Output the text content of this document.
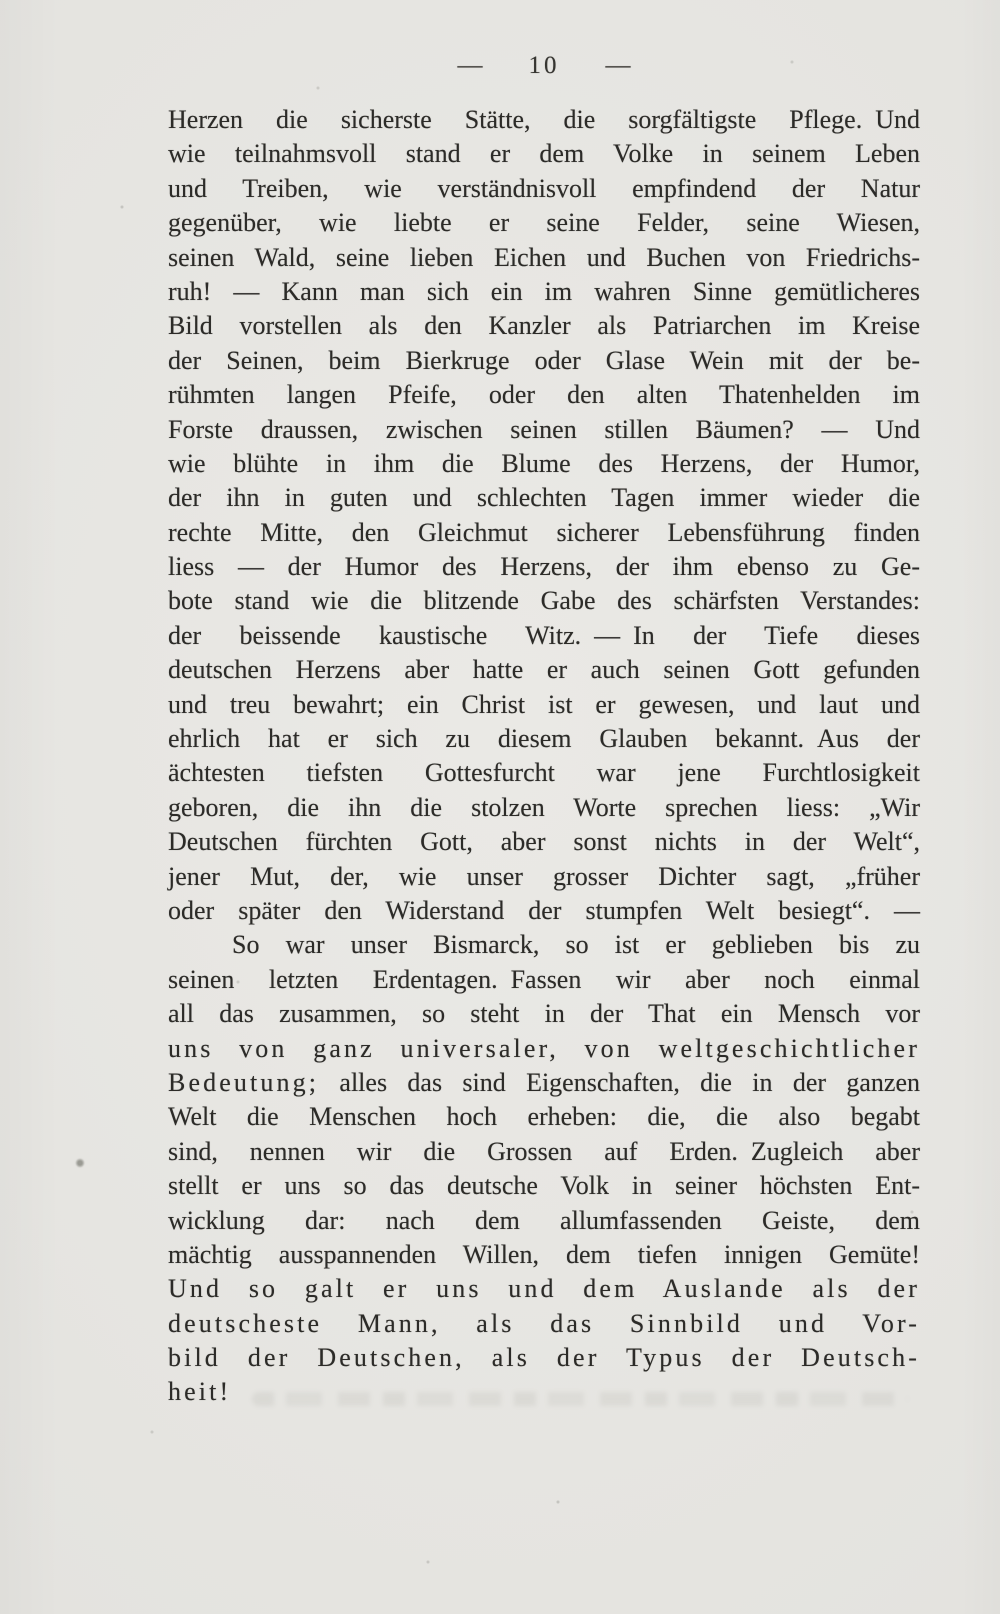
— 10 —
Herzen die sicherste Stätte, die sorgfältigste Pflege. Und
wie teilnahmsvoll stand er dem Volke in seinem Leben
und Treiben, wie verständnisvoll empfindend der Natur
gegenüber, wie liebte er seine Felder, seine Wiesen,
seinen Wald, seine lieben Eichen und Buchen von Friedrichs-
ruh! — Kann man sich ein im wahren Sinne gemütlicheres
Bild vorstellen als den Kanzler als Patriarchen im Kreise
der Seinen, beim Bierkruge oder Glase Wein mit der be-
rühmten langen Pfeife, oder den alten Thatenhelden im
Forste draussen, zwischen seinen stillen Bäumen? — Und
wie blühte in ihm die Blume des Herzens, der Humor,
der ihn in guten und schlechten Tagen immer wieder die
rechte Mitte, den Gleichmut sicherer Lebensführung finden
liess — der Humor des Herzens, der ihm ebenso zu Ge-
bote stand wie die blitzende Gabe des schärfsten Verstandes:
der beissende kaustische Witz. — In der Tiefe dieses
deutschen Herzens aber hatte er auch seinen Gott gefunden
und treu bewahrt; ein Christ ist er gewesen, und laut und
ehrlich hat er sich zu diesem Glauben bekannt. Aus der
ächtesten tiefsten Gottesfurcht war jene Furchtlosigkeit
geboren, die ihn die stolzen Worte sprechen liess: „Wir
Deutschen fürchten Gott, aber sonst nichts in der Welt“,
jener Mut, der, wie unser grosser Dichter sagt, „früher
oder später den Widerstand der stumpfen Welt besiegt“. —
So war unser Bismarck, so ist er geblieben bis zu
seinen letzten Erdentagen. Fassen wir aber noch einmal
all das zusammen, so steht in der That ein Mensch vor
uns von ganz universaler, von weltgeschichtlicher
Bedeutung; alles das sind Eigenschaften, die in der ganzen
Welt die Menschen hoch erheben: die, die also begabt
sind, nennen wir die Grossen auf Erden. Zugleich aber
stellt er uns so das deutsche Volk in seiner höchsten Ent-
wicklung dar: nach dem allumfassenden Geiste, dem
mächtig ausspannenden Willen, dem tiefen innigen Gemüte!
Und so galt er uns und dem Auslande als der
deutscheste Mann, als das Sinnbild und Vor-
bild der Deutschen, als der Typus der Deutsch-
heit!
